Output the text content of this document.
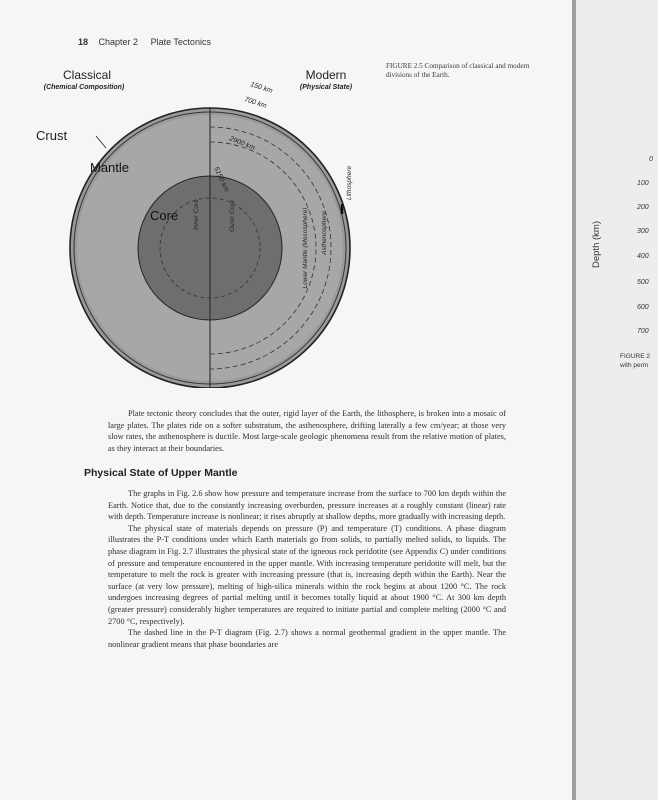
18 Chapter 2 Plate Tectonics
FIGURE 2.5 Comparison of classical and modern divisions of the Earth.
Classical
(Chemical Composition)
Modern
(Physical State)
Crust
Mantle
Core
150 km
700 km
2900 km
5150 km
Inner Core	Outer Core	Lower Mantle (Mesosphere) Asthenosphere
Lithosphere

Plate tectonic theory concludes that the outer, rigid layer of the Earth, the lithosphere, is broken into a mosaic of large plates. The plates ride on a softer substratum, the asthenosphere, drifting laterally a few cm/year; at those very slow rates, the asthenosphere is ductile. Most large-scale geologic phenomena result from the relative motion of plates, as they interact at their boundaries.

Physical State of Upper Mantle

The graphs in Fig. 2.6 show how pressure and temperature increase from the surface to 700 km depth within the Earth. Notice that, due to the constantly increasing overburden, pressure increases at a roughly constant (linear) rate with depth. Temperature increase is nonlinear; it rises abruptly at shallow depths, more gradually with increasing depth.

The physical state of materials depends on pressure (P) and temperature (T) conditions. A phase diagram illustrates the P-T conditions under which Earth materials go from solids, to partially melted solids, to liquids. The phase diagram in Fig. 2.7 illustrates the physical state of the igneous rock peridotite (see Appendix C) under conditions of pressure and temperature encountered in the upper mantle. With increasing temperature peridotite will melt, but the temperature to melt the rock is greater with increasing pressure (that is, increasing depth within the Earth). Near the surface (at very low pressure), melting of high-silica minerals within the rock begins at about 1200 °C. The rock undergoes increasing degrees of partial melting until it becomes totally liquid at about 1900 °C. At 300 km depth (greater pressure) considerably higher temperatures are required to initiate partial and complete melting (2000 °C and 2700 °C, respectively).

The dashed line in the P-T diagram (Fig. 2.7) shows a normal geothermal gradient in the upper mantle. The nonlinear gradient means that phase boundaries are

Depth (km)
0
100
200
300
400
500
600
700
FIGURE 2
with perm
